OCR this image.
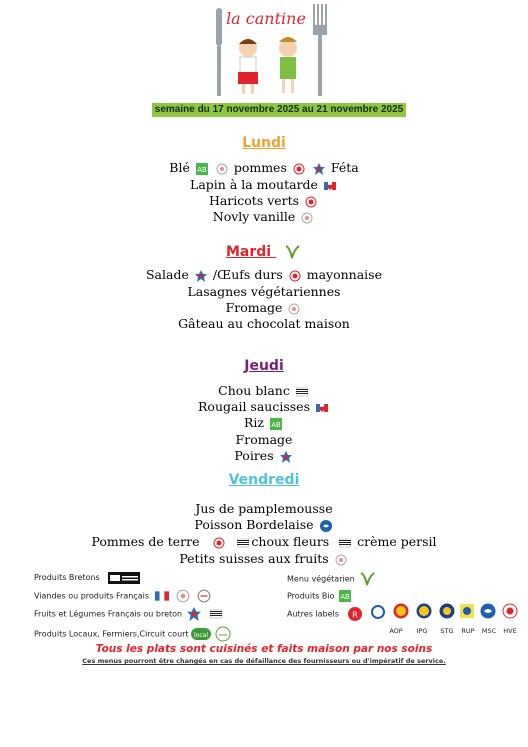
la cantine
semaine du 17 novembre 2025 au 21 novembre 2025
Lundi
Blé AB pommes	Féta
Lapin à la moutarde
Haricots verts
Novly vanille
Mardi
Salade /Œufs durs mayonnaise
Lasagnes végétariennes
Fromage
Gâteau au chocolat maison
Jeudi
Chou blanc
Rougail saucisses
Riz AB
Fromage
Poires
Vendredi
Jus de pamplemousse
Poisson Bordelaise
Pommes de terre	choux fleurs crème persil
Petits suisses aux fruits
Produits Bretons
Viandes ou produits Français
Fruits et Légumes Français ou breton
Produits Locaux, Fermiers,Circuit court local

Menu végétarien
Produits Bio AB
Autres labels R
AOP	IPG	STG	RUP	MSC	HVE
Tous les plats sont cuisinés et faits maison par nos soins
Ces menus pourront être changés en cas de défaillance des fournisseurs ou d'impératif de service.
